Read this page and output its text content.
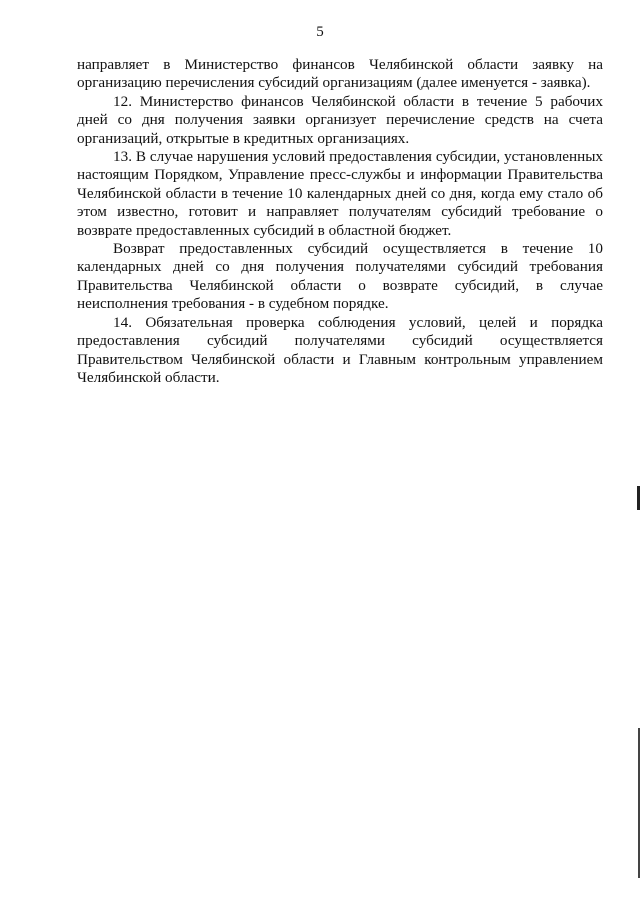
5

направляет в Министерство финансов Челябинской области заявку на организацию перечисления субсидий организациям (далее именуется - заявка).

12. Министерство финансов Челябинской области в течение 5 рабочих дней со дня получения заявки организует перечисление средств на счета организаций, открытые в кредитных организациях.

13. В случае нарушения условий предоставления субсидии, установленных настоящим Порядком, Управление пресс-службы и информации Правительства Челябинской области в течение 10 календарных дней со дня, когда ему стало об этом известно, готовит и направляет получателям субсидий требование о возврате предоставленных субсидий в областной бюджет.

Возврат предоставленных субсидий осуществляется в течение 10 календарных дней со дня получения получателями субсидий требования Правительства Челябинской области о возврате субсидий, в случае неисполнения требования - в судебном порядке.

14. Обязательная проверка соблюдения условий, целей и порядка предоставления субсидий получателями субсидий осуществляется Правительством Челябинской области и Главным контрольным управлением Челябинской области.
